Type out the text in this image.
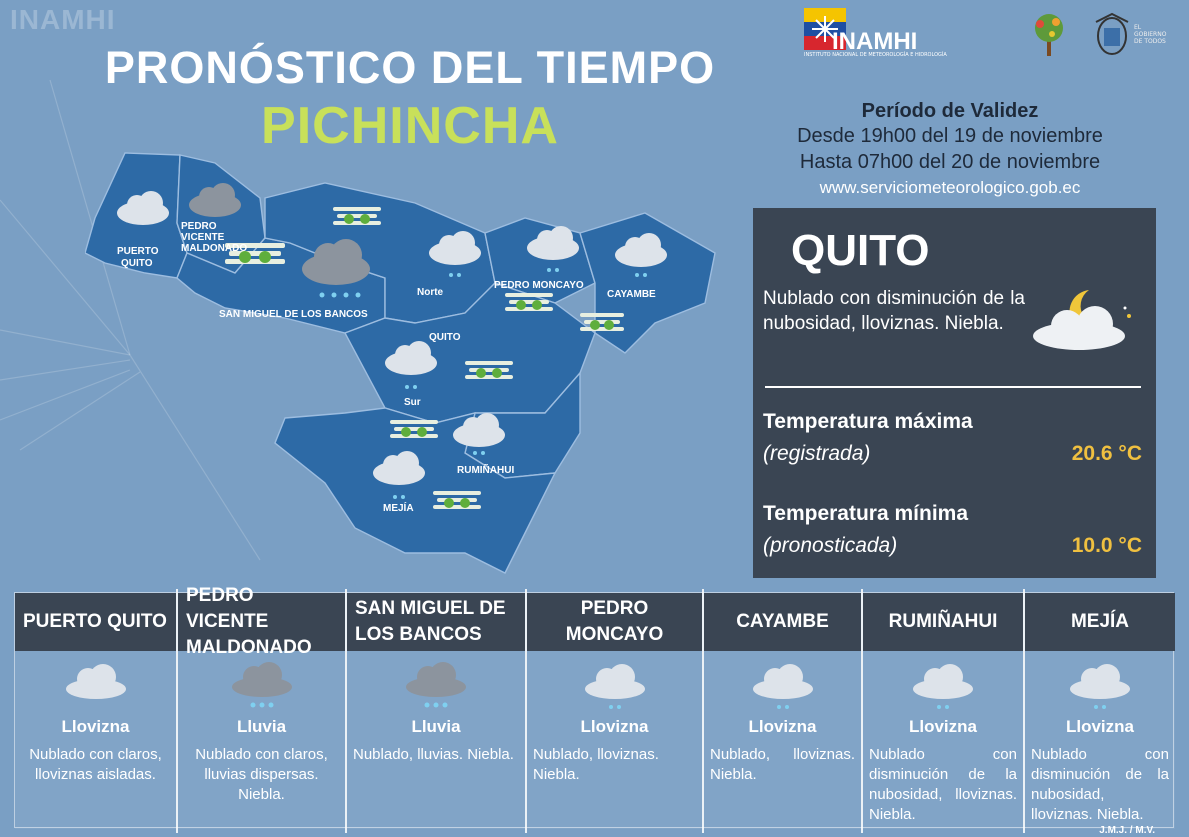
INAMHI
PRONÓSTICO DEL TIEMPO
PICHINCHA
INAMHI
INSTITUTO NACIONAL DE METEOROLOGÍA E HIDROLOGÍA
EL GOBIERNO DE TODOS
Período de Validez
Desde 19h00 del 19 de noviembre
Hasta 07h00 del 20 de noviembre
www.serviciometeorologico.gob.ec
PUERTO
QUITO
PEDRO
VICENTE
MALDONADO
SAN MIGUEL DE LOS BANCOS
Norte
PEDRO MONCAYO
CAYAMBE
QUITO
Sur
RUMIÑAHUI
MEJÍA
QUITO
Nublado con disminución de la nubosidad, lloviznas. Niebla.
Temperatura máxima
(registrada)	20.6 °C
Temperatura mínima
(pronosticada)	10.0 °C
PUERTO QUITO
Llovizna
Nublado con claros, lloviznas aisladas.
PEDRO VICENTE MALDONADO
Lluvia
Nublado con claros, lluvias dispersas. Niebla.
SAN MIGUEL DE LOS BANCOS
Lluvia
Nublado, lluvias. Niebla.
PEDRO MONCAYO
Llovizna
Nublado, lloviznas. Niebla.
CAYAMBE
Llovizna
Nublado, lloviznas. Niebla.
RUMIÑAHUI
Llovizna
Nublado con disminución de la nubosidad, lloviznas. Niebla.
MEJÍA
Llovizna
Nublado con disminución de la nubosidad, lloviznas. Niebla.
J.M.J. / M.V.
